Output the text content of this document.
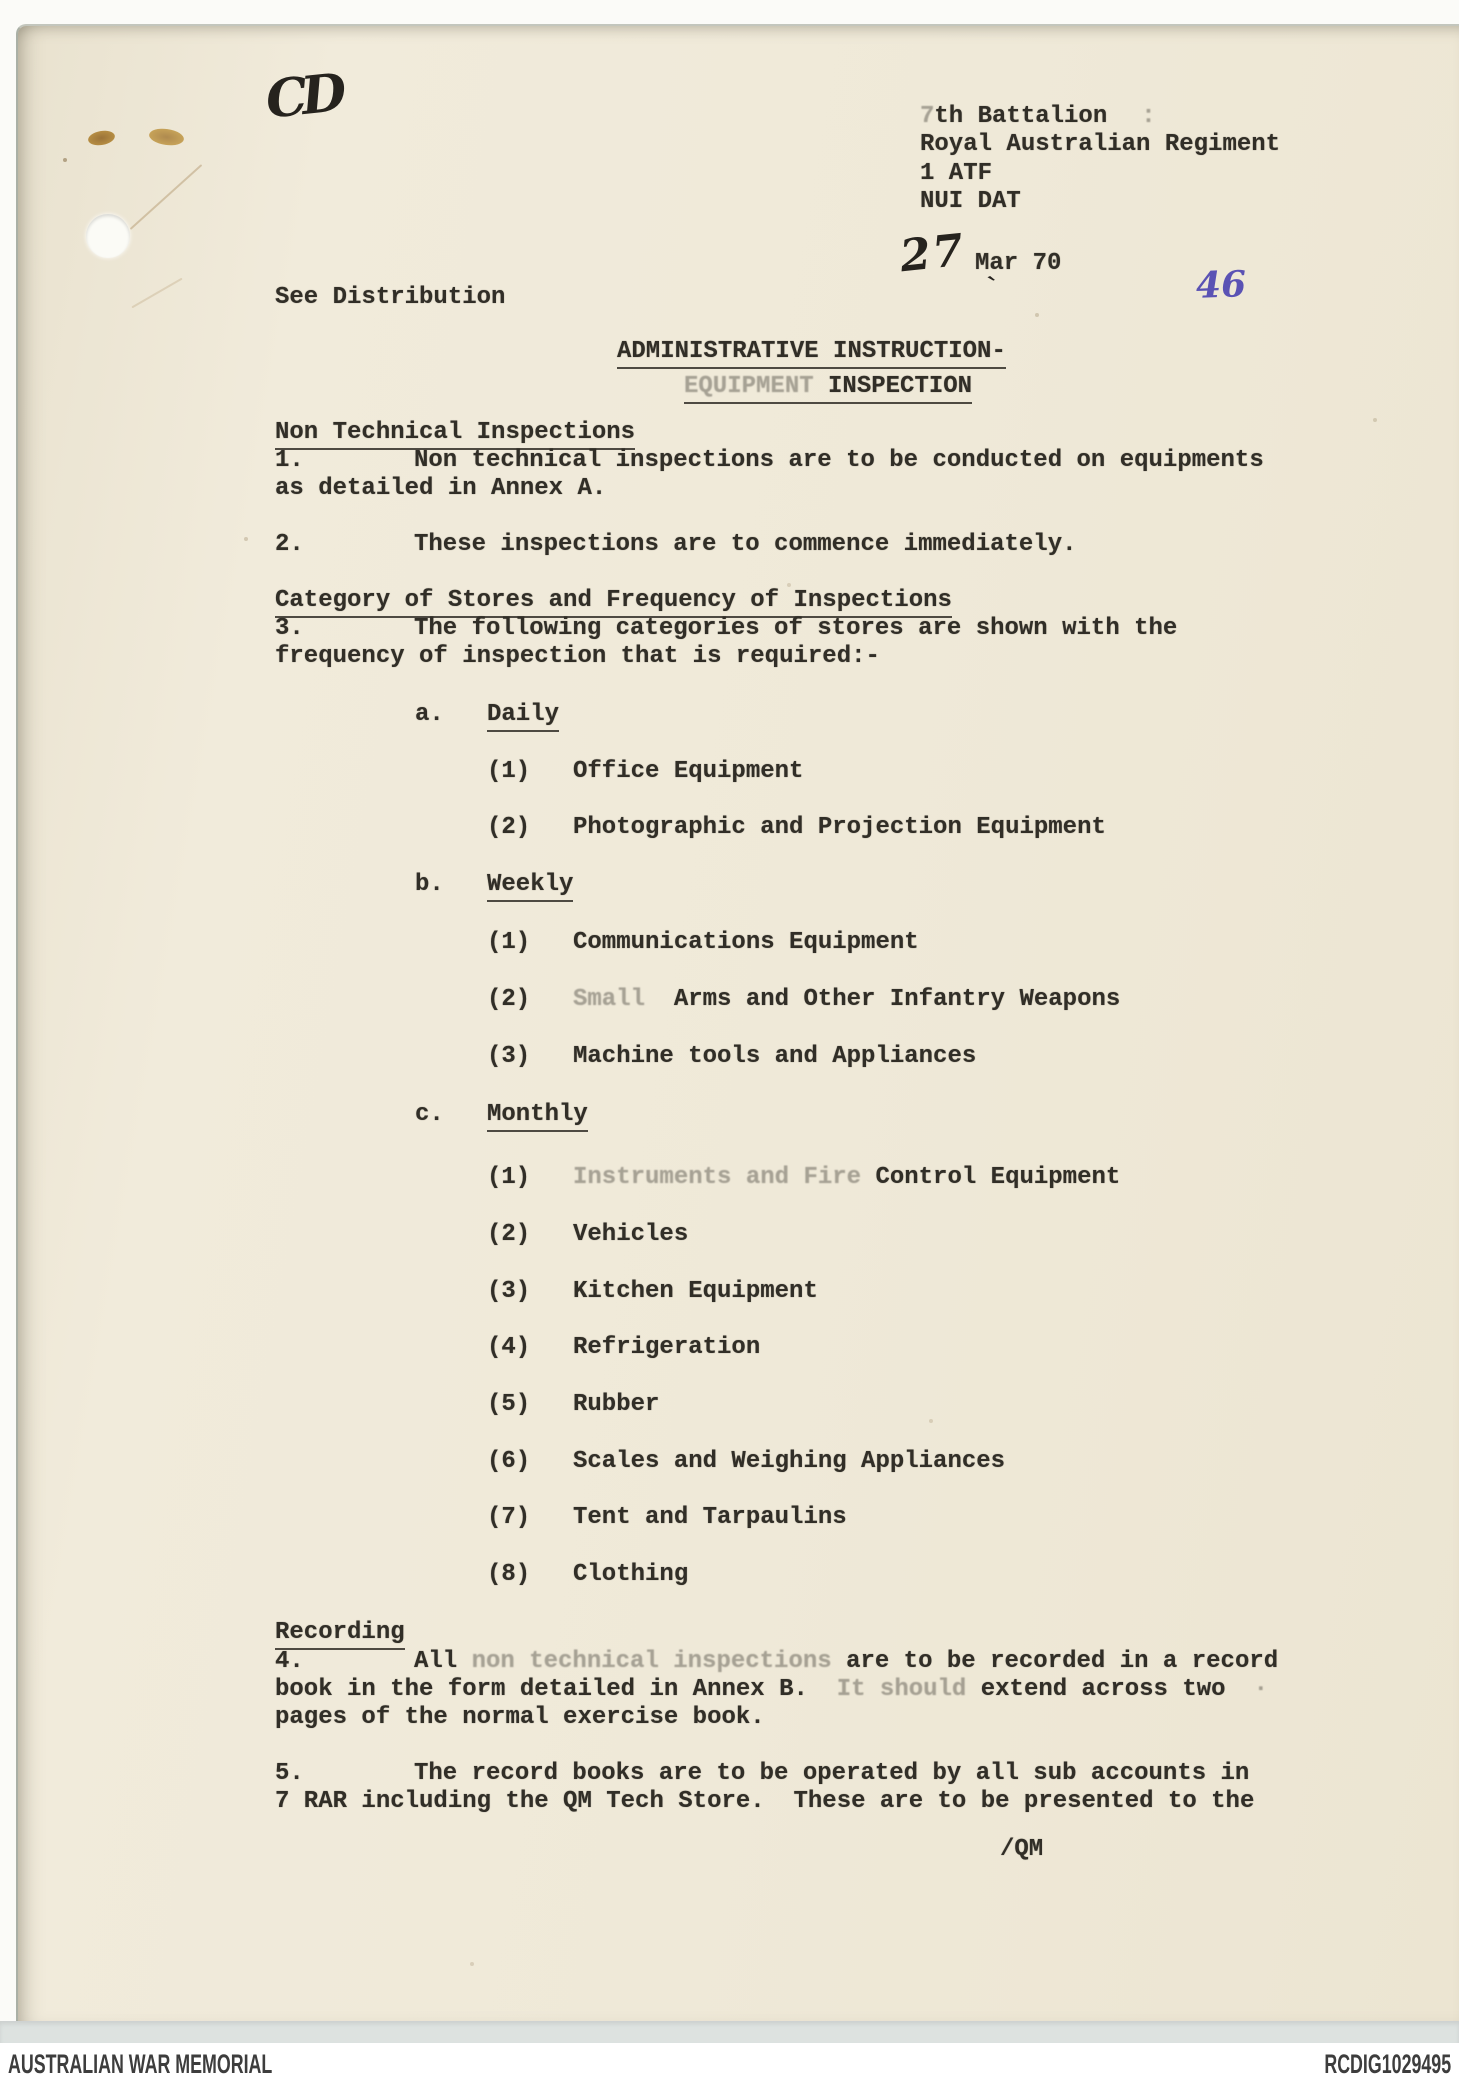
CD
27
46
`
7th Battalion :
Royal Australian Regiment
1 ATF
NUI DAT
Mar 70
See Distribution
ADMINISTRATIVE INSTRUCTION-
EQUIPMENT INSPECTION
Non Technical Inspections
1.	Non technical inspections are to be conducted on equipments
as detailed in Annex A.
2.	These inspections are to commence immediately.
Category of Stores and Frequency of Inspections
3.	The following categories of stores are shown with the
frequency of inspection that is required:-
a. Daily
(1) Office Equipment
(2) Photographic and Projection Equipment
b. Weekly
(1) Communications Equipment
(2) Small  Arms and Other Infantry Weapons
(3) Machine tools and Appliances
c. Monthly
(1) Instruments and Fire Control Equipment
(2) Vehicles
(3) Kitchen Equipment
(4) Refrigeration
(5) Rubber
(6) Scales and Weighing Appliances
(7) Tent and Tarpaulins
(8) Clothing
Recording
4.	All non technical inspections are to be recorded in a record
book in the form detailed in Annex B.  It should extend across two ·
pages of the normal exercise book.
5.	The record books are to be operated by all sub accounts in
7 RAR including the QM Tech Store.  These are to be presented to the
/QM
AUSTRALIAN WAR MEMORIAL	RCDIG1029495
